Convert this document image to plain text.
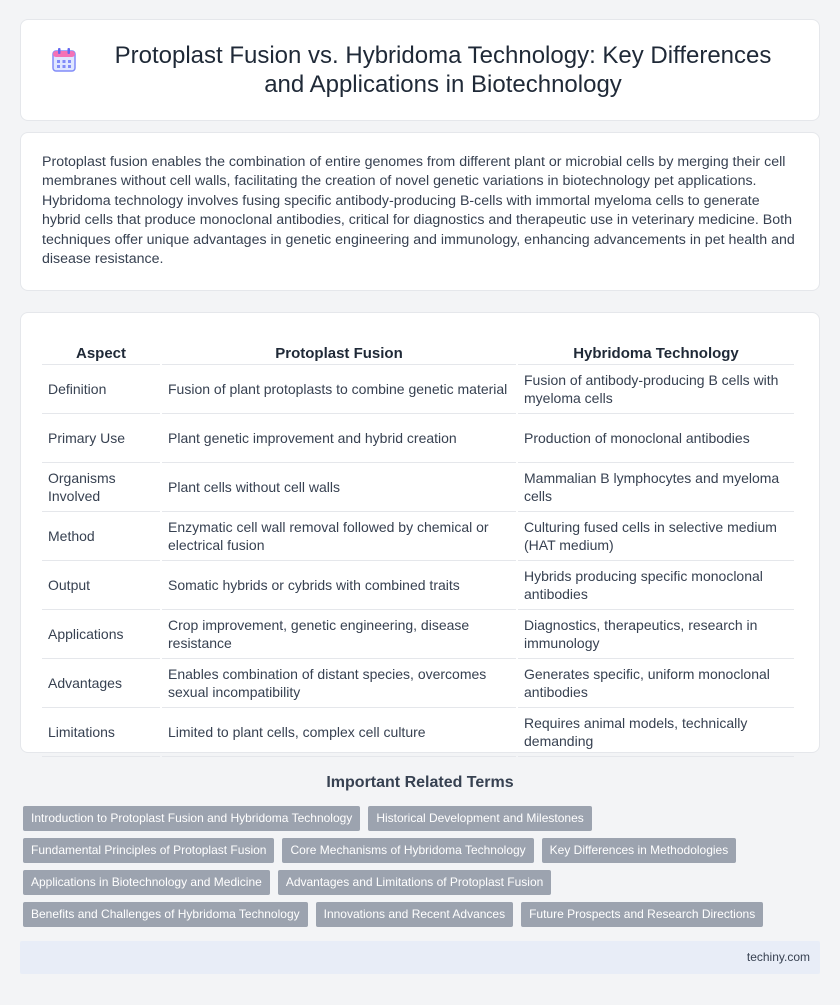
Protoplast Fusion vs. Hybridoma Technology: Key Differences and Applications in Biotechnology

Protoplast fusion enables the combination of entire genomes from different plant or microbial cells by merging their cell membranes without cell walls, facilitating the creation of novel genetic variations in biotechnology pet applications. Hybridoma technology involves fusing specific antibody-producing B-cells with immortal myeloma cells to generate hybrid cells that produce monoclonal antibodies, critical for diagnostics and therapeutic use in veterinary medicine. Both techniques offer unique advantages in genetic engineering and immunology, enhancing advancements in pet health and disease resistance.

Aspect	Protoplast Fusion	Hybridoma Technology
Definition	Fusion of plant protoplasts to combine genetic material	Fusion of antibody-producing B cells with myeloma cells
Primary Use	Plant genetic improvement and hybrid creation	Production of monoclonal antibodies
Organisms Involved	Plant cells without cell walls	Mammalian B lymphocytes and myeloma cells
Method	Enzymatic cell wall removal followed by chemical or electrical fusion	Culturing fused cells in selective medium (HAT medium)
Output	Somatic hybrids or cybrids with combined traits	Hybrids producing specific monoclonal antibodies
Applications	Crop improvement, genetic engineering, disease resistance	Diagnostics, therapeutics, research in immunology
Advantages	Enables combination of distant species, overcomes sexual incompatibility	Generates specific, uniform monoclonal antibodies
Limitations	Limited to plant cells, complex cell culture	Requires animal models, technically demanding
Important Related Terms
Introduction to Protoplast Fusion and Hybridoma Technology	Historical Development and Milestones
Fundamental Principles of Protoplast Fusion	Core Mechanisms of Hybridoma Technology	Key Differences in Methodologies
Applications in Biotechnology and Medicine	Advantages and Limitations of Protoplast Fusion
Benefits and Challenges of Hybridoma Technology	Innovations and Recent Advances	Future Prospects and Research Directions
techiny.com
